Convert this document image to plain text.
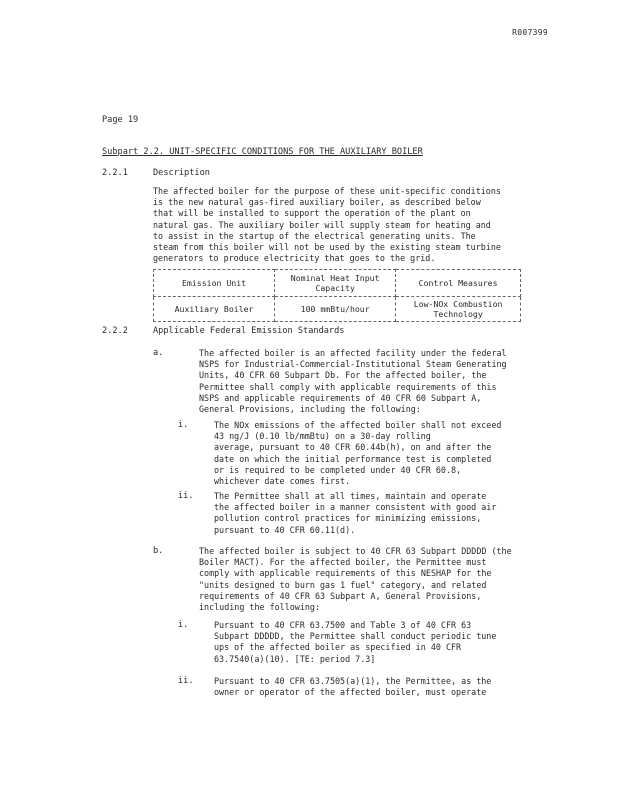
R007399
Page 19
Subpart 2.2. UNIT-SPECIFIC CONDITIONS FOR THE AUXILIARY BOILER
2.2.1	Description
The affected boiler for the purpose of these unit-specific conditions
is the new natural gas-fired auxiliary boiler, as described below
that will be installed to support the operation of the plant on
natural gas. The auxiliary boiler will supply steam for heating and
to assist in the startup of the electrical generating units. The
steam from this boiler will not be used by the existing steam turbine
generators to produce electricity that goes to the grid.
Emission Unit	Nominal Heat Input Capacity	Control Measures
Auxiliary Boiler	100 mmBtu/hour	Low-NOx Combustion Technology
2.2.2	Applicable Federal Emission Standards
a.	The affected boiler is an affected facility under the federal
NSPS for Industrial-Commercial-Institutional Steam Generating
Units, 40 CFR 60 Subpart Db. For the affected boiler, the
Permittee shall comply with applicable requirements of this
NSPS and applicable requirements of 40 CFR 60 Subpart A,
General Provisions, including the following:
i.	The NOx emissions of the affected boiler shall not exceed
43 ng/J (0.10 lb/mmBtu) on a 30-day rolling
average, pursuant to 40 CFR 60.44b(h), on and after the
date on which the initial performance test is completed
or is required to be completed under 40 CFR 60.8,
whichever date comes first.
ii. The Permittee shall at all times, maintain and operate
the affected boiler in a manner consistent with good air
pollution control practices for minimizing emissions,
pursuant to 40 CFR 60.11(d).
b.	The affected boiler is subject to 40 CFR 63 Subpart DDDDD (the
Boiler MACT). For the affected boiler, the Permittee must
comply with applicable requirements of this NESHAP for the
"units designed to burn gas 1 fuel" category, and related
requirements of 40 CFR 63 Subpart A, General Provisions,
including the following:
i.	Pursuant to 40 CFR 63.7500 and Table 3 of 40 CFR 63
Subpart DDDDD, the Permittee shall conduct periodic tune
ups of the affected boiler as specified in 40 CFR
63.7540(a)(10). [TE: period 7.3]
ii. Pursuant to 40 CFR 63.7505(a)(1), the Permittee, as the
owner or operator of the affected boiler, must operate
